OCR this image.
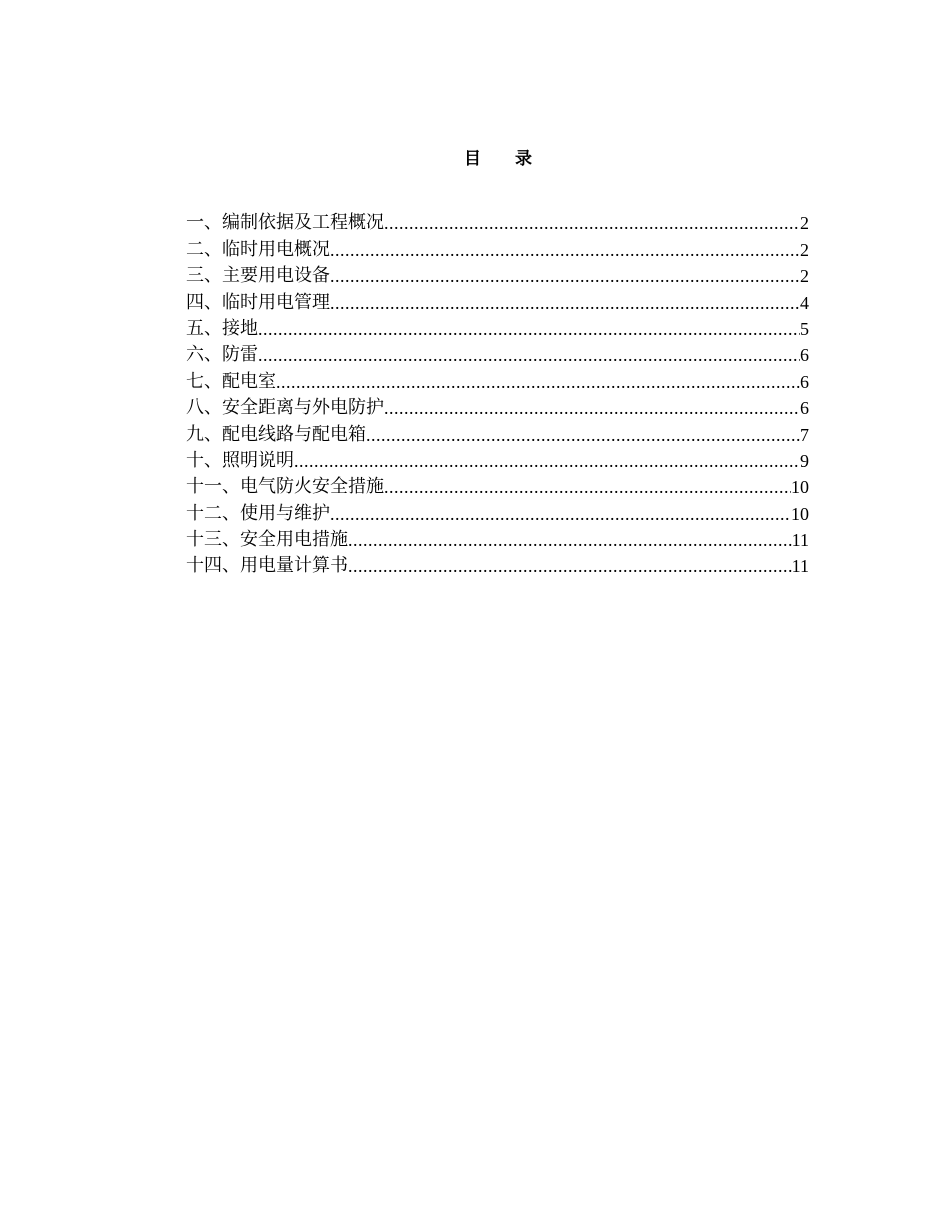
目　　录
一、编制依据及工程概况 .....	2
二、临时用电概况 .....	2
三、主要用电设备 .....	2
四、临时用电管理 .....	4
五、接地 .....	5
六、防雷 .....	6
七、配电室 .....	6
八、安全距离与外电防护 .....	6
九、配电线路与配电箱 .....	7
十、照明说明 .....	9
十一、电气防火安全措施 .....	10
十二、使用与维护 .....	10
十三、安全用电措施 .....	11
十四、用电量计算书 .....	11
